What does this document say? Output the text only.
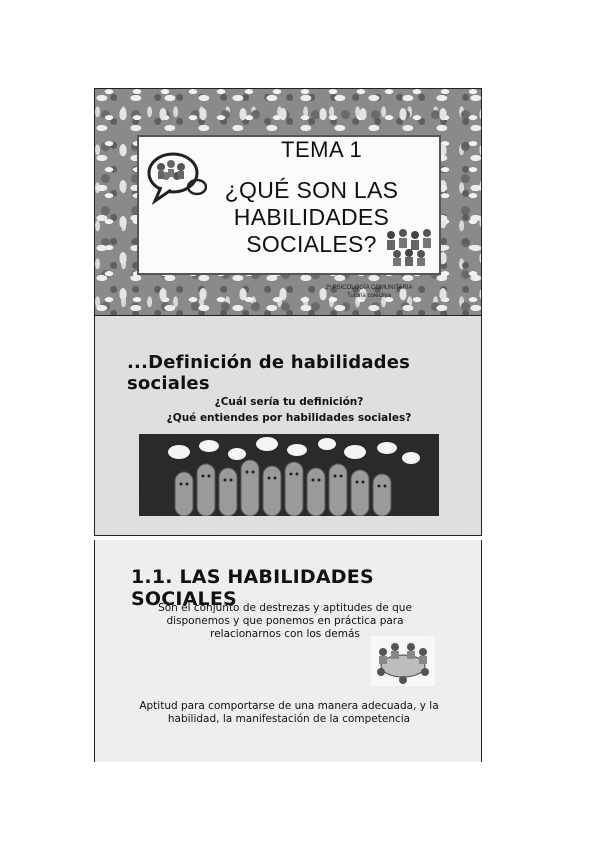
TEMA 1
¿QUÉ SON LAS
HABILIDADES
SOCIALES?
2º PSICOLOGÍA COMUNITARIA
Tutoría colectiva
...Definición de habilidades sociales

¿Cuál sería tu definición?

¿Qué entiendes por habilidades sociales?

1.1. LAS HABILIDADES SOCIALES

Son el conjunto de destrezas y aptitudes de que disponemos y que ponemos en práctica para relacionarnos con los demás

Aptitud para comportarse de una manera adecuada, y la habilidad, la manifestación de la competencia
